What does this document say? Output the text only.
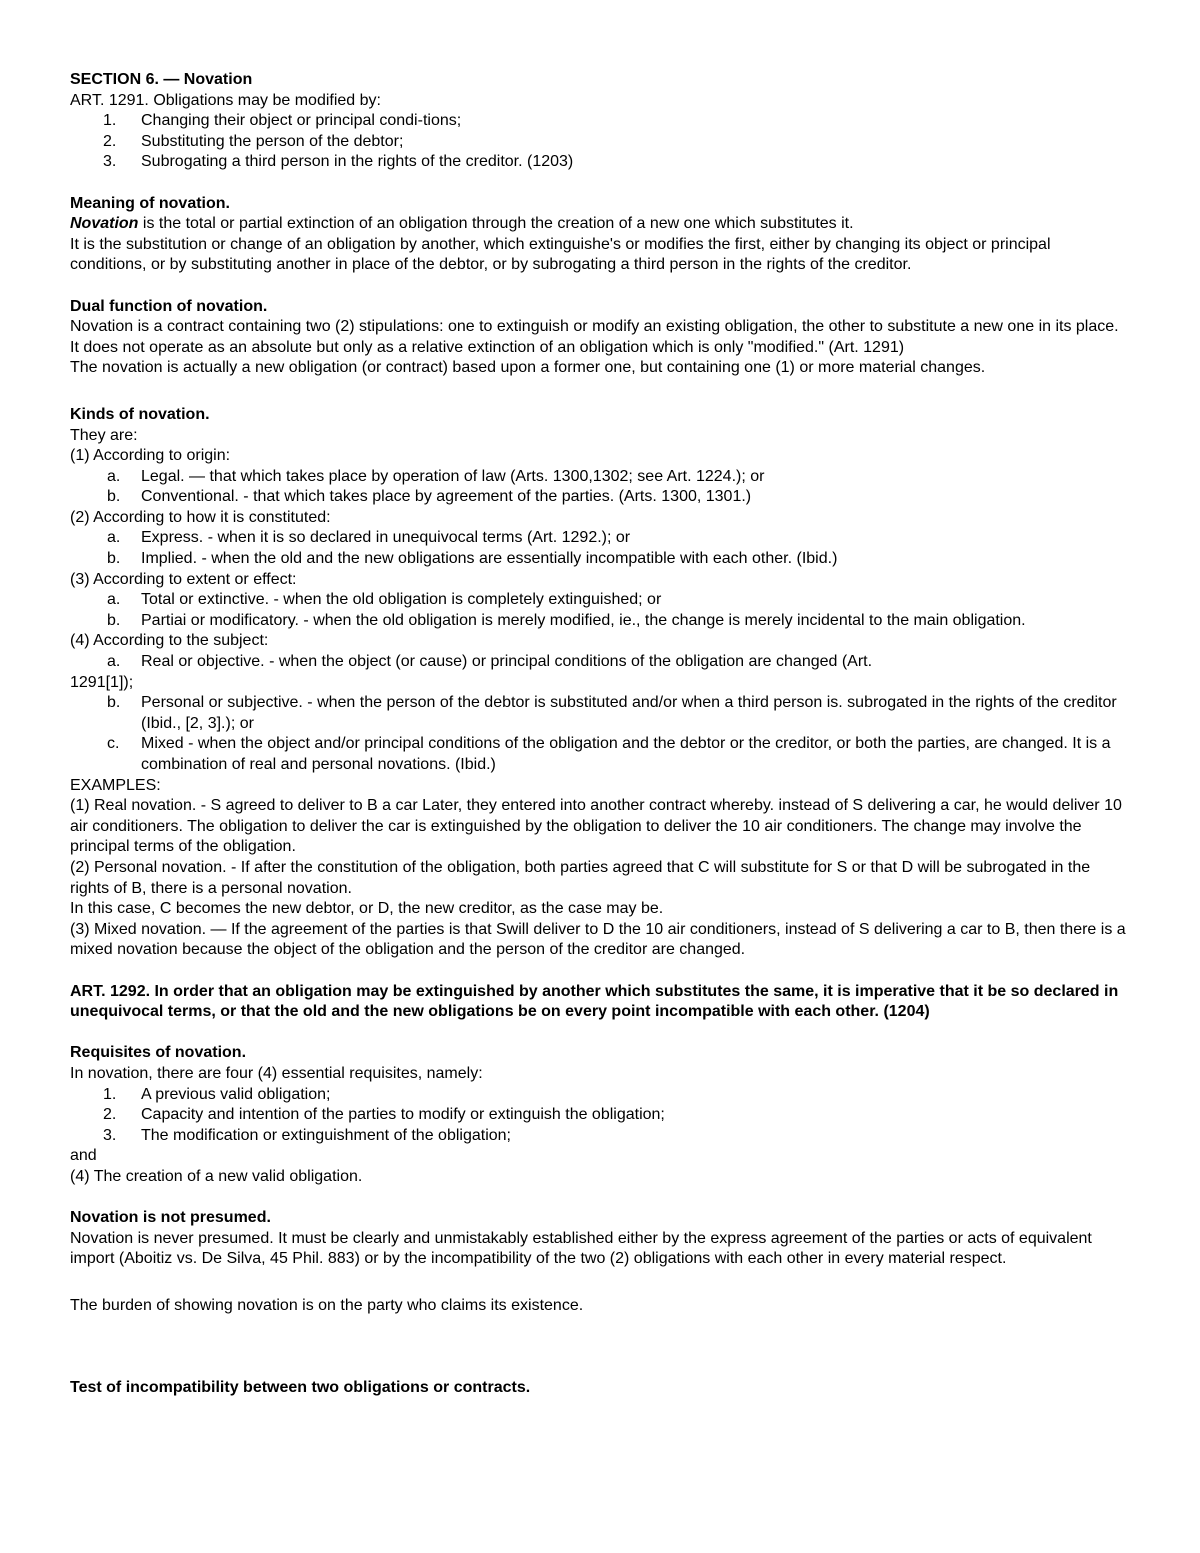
SECTION 6. — Novation
ART. 1291. Obligations may be modified by:
1. Changing their object or principal condi-tions;
2. Substituting the person of the debtor;
3. Subrogating a third person in the rights of the creditor. (1203)
Meaning of novation.
Novation is the total or partial extinction of an obligation through the creation of a new one which substitutes it.
It is the substitution or change of an obligation by another, which extinguishe's or modifies the first, either by changing its object or principal conditions, or by substituting another in place of the debtor, or by subrogating a third person in the rights of the creditor.
Dual function of novation.
Novation is a contract containing two (2) stipulations: one to extinguish or modify an existing obligation, the other to substitute a new one in its place.
It does not operate as an absolute but only as a relative extinction of an obligation which is only "modified." (Art. 1291)
The novation is actually a new obligation (or contract) based upon a former one, but containing one (1) or more material changes.
Kinds of novation.
They are:
(1) According to origin:
a. Legal. — that which takes place by operation of law (Arts. 1300,1302; see Art. 1224.); or
b. Conventional. - that which takes place by agreement of the parties. (Arts. 1300, 1301.)
(2) According to how it is constituted:
a. Express. - when it is so declared in unequivocal terms (Art. 1292.); or
b. Implied. - when the old and the new obligations are essentially incompatible with each other. (Ibid.)
(3) According to extent or effect:
a. Total or extinctive. - when the old obligation is completely extinguished; or
b. Partiai or modificatory. - when the old obligation is merely modified, ie., the change is merely incidental to the main obligation.
(4) According to the subject:
a. Real or objective. - when the object (or cause) or principal conditions of the obligation are changed (Art.
1291[1]);
b. Personal or subjective. - when the person of the debtor is substituted and/or when a third person is. subrogated in the rights of the creditor (Ibid., [2, 3].); or
c. Mixed - when the object and/or principal conditions of the obligation and the debtor or the creditor, or both the parties, are changed. It is a combination of real and personal novations. (Ibid.)
EXAMPLES:
(1) Real novation. - S agreed to deliver to B a car Later, they entered into another contract whereby. instead of S delivering a car, he would deliver 10 air conditioners. The obligation to deliver the car is extinguished by the obligation to deliver the 10 air conditioners. The change may involve the principal terms of the obligation.
(2) Personal novation. - If after the constitution of the obligation, both parties agreed that C will substitute for S or that D will be subrogated in the rights of B, there is a personal novation.
In this case, C becomes the new debtor, or D, the new creditor, as the case may be.
(3) Mixed novation. — If the agreement of the parties is that Swill deliver to D the 10 air conditioners, instead of S delivering a car to B, then there is a mixed novation because the object of the obligation and the person of the creditor are changed.
ART. 1292. In order that an obligation may be extinguished by another which substitutes the same, it is imperative that it be so declared in unequivocal terms, or that the old and the new obligations be on every point incompatible with each other. (1204)
Requisites of novation.
In novation, there are four (4) essential requisites, namely:
1. A previous valid obligation;
2. Capacity and intention of the parties to modify or extinguish the obligation;
3. The modification or extinguishment of the obligation;
and
(4) The creation of a new valid obligation.
Novation is not presumed.
Novation is never presumed. It must be clearly and unmistakably established either by the express agreement of the parties or acts of equivalent import (Aboitiz vs. De Silva, 45 Phil. 883) or by the incompatibility of the two (2) obligations with each other in every material respect.
The burden of showing novation is on the party who claims its existence.
Test of incompatibility between two obligations or contracts.
